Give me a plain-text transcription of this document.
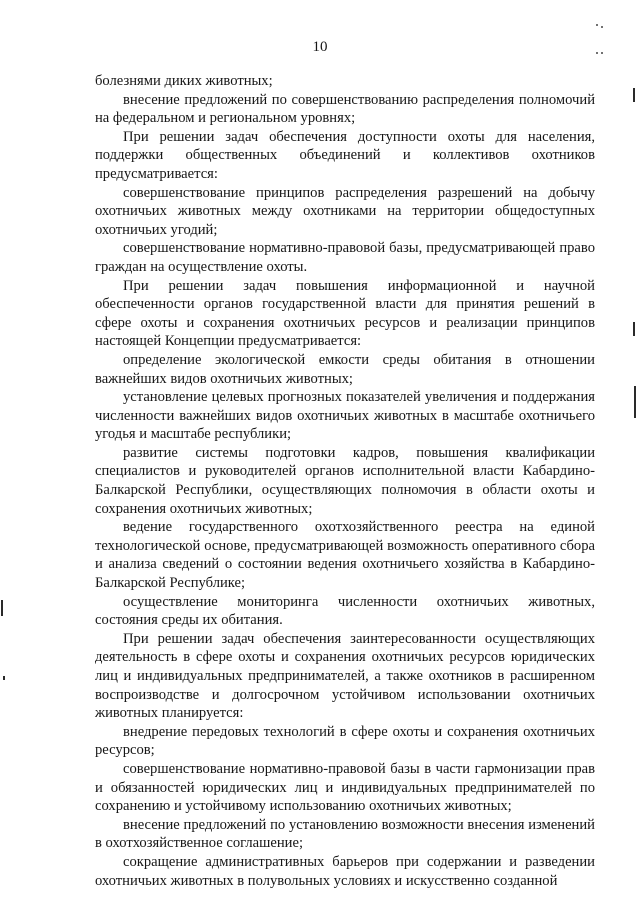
10

болезнями диких животных;

внесение предложений по совершенствованию распределения полномочий на федеральном и региональном уровнях;

При решении задач обеспечения доступности охоты для населения, поддержки общественных объединений и коллективов охотников предусматривается:

совершенствование принципов распределения разрешений на добычу охотничьих животных между охотниками на территории общедоступных охотничьих угодий;

совершенствование нормативно-правовой базы, предусматривающей право граждан на осуществление охоты.

При решении задач повышения информационной и научной обеспеченности органов государственной власти для принятия решений в сфере охоты и сохранения охотничьих ресурсов и реализации принципов настоящей Концепции предусматривается:

определение экологической емкости среды обитания в отношении важнейших видов охотничьих животных;

установление целевых прогнозных показателей увеличения и поддержания численности важнейших видов охотничьих животных в масштабе охотничьего угодья и масштабе республики;

развитие системы подготовки кадров, повышения квалификации специалистов и руководителей органов исполнительной власти Кабардино-Балкарской Республики, осуществляющих полномочия в области охоты и сохранения охотничьих животных;

ведение государственного охотхозяйственного реестра на единой технологической основе, предусматривающей возможность оперативного сбора и анализа сведений о состоянии ведения охотничьего хозяйства в Кабардино-Балкарской Республике;

осуществление мониторинга численности охотничьих животных, состояния среды их обитания.

При решении задач обеспечения заинтересованности осуществляющих деятельность в сфере охоты и сохранения охотничьих ресурсов юридических лиц и индивидуальных предпринимателей, а также охотников в расширенном воспроизводстве и долгосрочном устойчивом использовании охотничьих животных планируется:

внедрение передовых технологий в сфере охоты и сохранения охотничьих ресурсов;

совершенствование нормативно-правовой базы в части гармонизации прав и обязанностей юридических лиц и индивидуальных предпринимателей по сохранению и устойчивому использованию охотничьих животных;

внесение предложений по установлению возможности внесения изменений в охотхозяйственное соглашение;

сокращение административных барьеров при содержании и разведении охотничьих животных в полувольных условиях и искусственно созданной
